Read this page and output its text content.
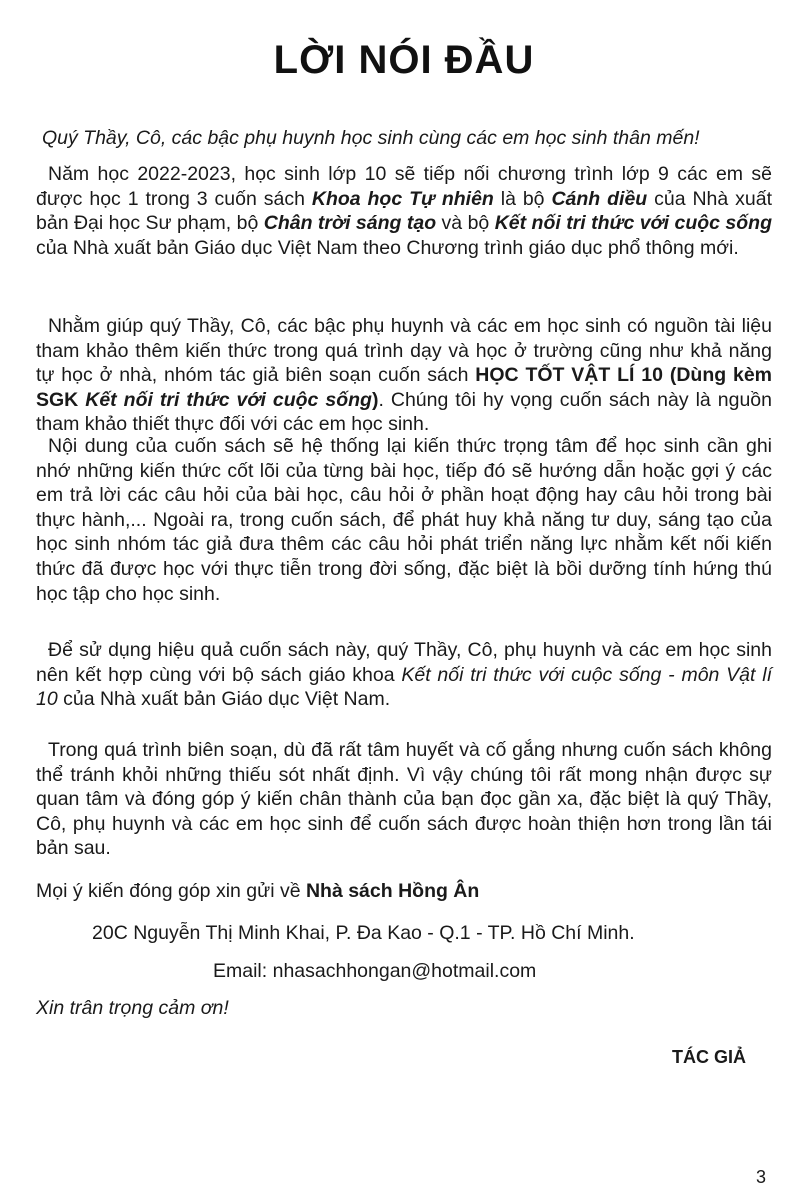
LỜI NÓI ĐẦU
Quý Thầy, Cô, các bậc phụ huynh học sinh cùng các em học sinh thân mến!
Năm học 2022-2023, học sinh lớp 10 sẽ tiếp nối chương trình lớp 9 các em sẽ được học 1 trong 3 cuốn sách Khoa học Tự nhiên là bộ Cánh diều của Nhà xuất bản Đại học Sư phạm, bộ Chân trời sáng tạo và bộ Kết nối tri thức với cuộc sống của Nhà xuất bản Giáo dục Việt Nam theo Chương trình giáo dục phổ thông mới.
Nhằm giúp quý Thầy, Cô, các bậc phụ huynh và các em học sinh có nguồn tài liệu tham khảo thêm kiến thức trong quá trình dạy và học ở trường cũng như khả năng tự học ở nhà, nhóm tác giả biên soạn cuốn sách HỌC TỐT VẬT LÍ 10 (Dùng kèm SGK Kết nối tri thức với cuộc sống). Chúng tôi hy vọng cuốn sách này là nguồn tham khảo thiết thực đối với các em học sinh.
Nội dung của cuốn sách sẽ hệ thống lại kiến thức trọng tâm để học sinh cần ghi nhớ những kiến thức cốt lõi của từng bài học, tiếp đó sẽ hướng dẫn hoặc gợi ý các em trả lời các câu hỏi của bài học, câu hỏi ở phần hoạt động hay câu hỏi trong bài thực hành,... Ngoài ra, trong cuốn sách, để phát huy khả năng tư duy, sáng tạo của học sinh nhóm tác giả đưa thêm các câu hỏi phát triển năng lực nhằm kết nối kiến thức đã được học với thực tiễn trong đời sống, đặc biệt là bồi dưỡng tính hứng thú học tập cho học sinh.
Để sử dụng hiệu quả cuốn sách này, quý Thầy, Cô, phụ huynh và các em học sinh nên kết hợp cùng với bộ sách giáo khoa Kết nối tri thức với cuộc sống - môn Vật lí 10 của Nhà xuất bản Giáo dục Việt Nam.
Trong quá trình biên soạn, dù đã rất tâm huyết và cố gắng nhưng cuốn sách không thể tránh khỏi những thiếu sót nhất định. Vì vậy chúng tôi rất mong nhận được sự quan tâm và đóng góp ý kiến chân thành của bạn đọc gần xa, đặc biệt là quý Thầy, Cô, phụ huynh và các em học sinh để cuốn sách được hoàn thiện hơn trong lần tái bản sau.
Mọi ý kiến đóng góp xin gửi về Nhà sách Hồng Ân
20C Nguyễn Thị Minh Khai, P. Đa Kao - Q.1 - TP. Hồ Chí Minh.
Email: nhasachhongan@hotmail.com
Xin trân trọng cảm ơn!
TÁC GIẢ
3
